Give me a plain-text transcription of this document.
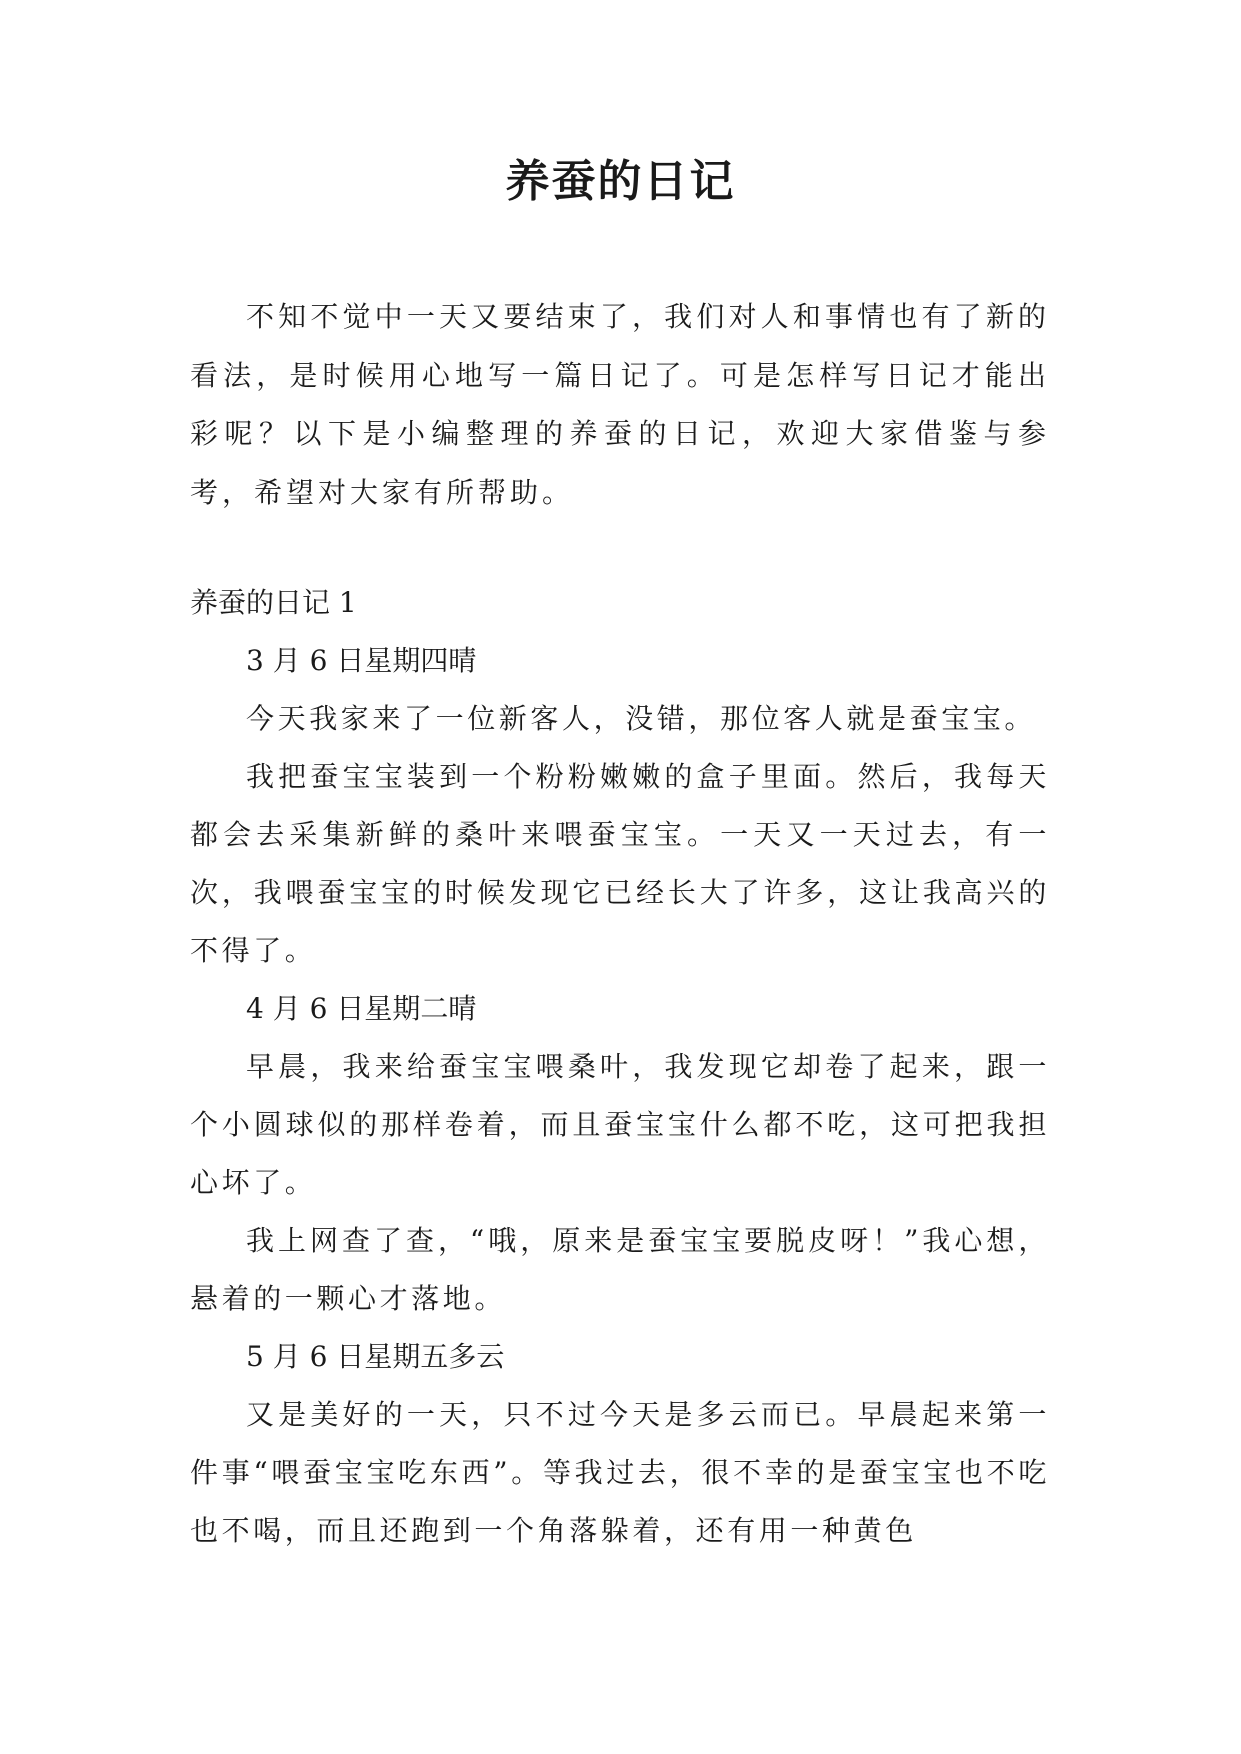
养蚕的日记

不知不觉中一天又要结束了，我们对人和事情也有了新的看法，是时候用心地写一篇日记了。可是怎样写日记才能出彩呢？以下是小编整理的养蚕的日记，欢迎大家借鉴与参考，希望对大家有所帮助。

养蚕的日记 1

3 月 6 日星期四晴

今天我家来了一位新客人，没错，那位客人就是蚕宝宝。

我把蚕宝宝装到一个粉粉嫩嫩的盒子里面。然后，我每天都会去采集新鲜的桑叶来喂蚕宝宝。一天又一天过去，有一次，我喂蚕宝宝的时候发现它已经长大了许多，这让我高兴的不得了。

4 月 6 日星期二晴

早晨，我来给蚕宝宝喂桑叶，我发现它却卷了起来，跟一个小圆球似的那样卷着，而且蚕宝宝什么都不吃，这可把我担心坏了。

我上网查了查，“哦，原来是蚕宝宝要脱皮呀！”我心想，悬着的一颗心才落地。

5 月 6 日星期五多云

又是美好的一天，只不过今天是多云而已。早晨起来第一件事“喂蚕宝宝吃东西”。等我过去，很不幸的是蚕宝宝也不吃也不喝，而且还跑到一个角落躲着，还有用一种黄色
